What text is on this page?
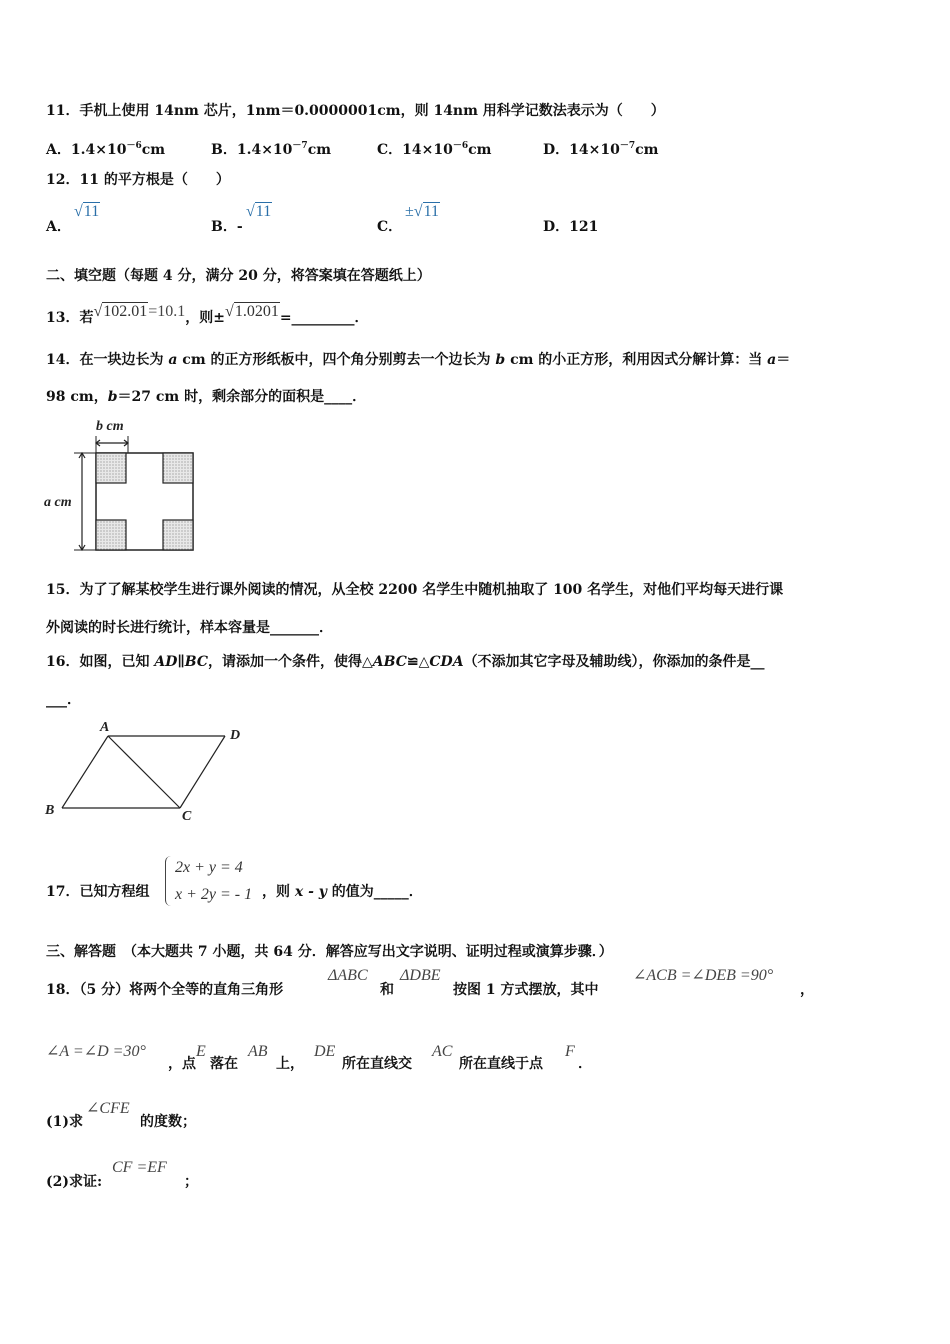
11．手机上使用 14nm 芯片，1nm＝0.0000001cm，则 14nm 用科学记数法表示为（　　）
A．$1.4\times 10^{-6}cm$	B．$1.4\times 10^{-7}cm$	C．$14\times 10^{-6}cm$	D．$14\times 10^{-7}cm$
12．11 的平方根是（　　）
A．
√11
B．-
√11
C．
±√11
D．121
二、填空题（每题 4 分，满分 20 分，将答案填在答题纸上）
13．若√102.01=10.1，则±√1.0201=_________．
14．在一块边长为 a cm 的正方形纸板中，四个角分别剪去一个边长为 b cm 的小正方形，利用因式分解计算：当 a＝
98 cm，b＝27 cm 时，剩余部分的面积是____．
b cm
a cm
15．为了了解某校学生进行课外阅读的情况，从全校 2200 名学生中随机抽取了 100 名学生，对他们平均每天进行课
外阅读的时长进行统计，样本容量是_______．
16．如图，已知 AD∥BC，请添加一个条件，使得△ABC≌△CDA（不添加其它字母及辅助线），你添加的条件是__
___．
A
D
B	C
17．已知方程组
2x + y = 4
x + 2y = - 1 ，则 x - y 的值为_____．
三、解答题　（本大题共 7 小题，共 64 分．解答应写出文字说明、证明过程或演算步骤．）
18．（5 分）将两个全等的直角三角形
ΔABC
和
ΔDBE
按图 1 方式摆放，其中
∠ACB =∠DEB =90°
，
∠A =∠D =30°
，点
E
落在
AB
上，
DE
所在直线交
AC
所在直线于点
F
．
(1)求
∠CFE
的度数；
(2)求证:
CF =EF
；
